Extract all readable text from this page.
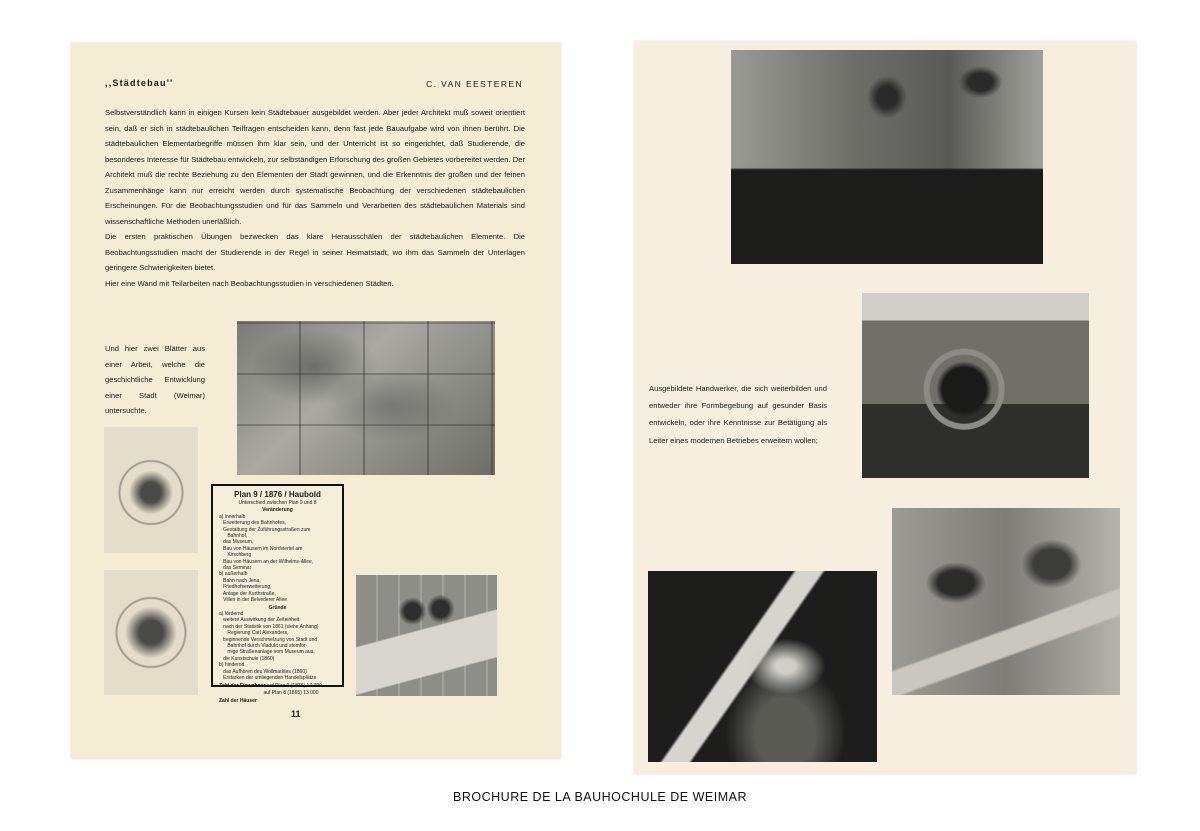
,,Städtebau''	C. VAN EESTEREN

Selbstverständlich kann in einigen Kursen kein Städtebauer ausgebildet werden. Aber jeder Architekt muß soweit orientiert sein, daß er sich in städtebaulichen Teilfragen entscheiden kann, denn fast jede Bauaufgabe wird von ihnen berührt. Die städtebaulichen Elementarbegriffe müssen ihm klar sein, und der Unterricht ist so eingerichtet, daß Studierende, die besonderes Interesse für Städtebau entwickeln, zur selbständigen Erforschung des großen Gebietes vorbereitet werden. Der Architekt muß die rechte Beziehung zu den Elementen der Stadt gewinnen, und die Erkenntnis der großen und der feinen Zusammenhänge kann nur erreicht werden durch systematische Beobachtung der verschiedenen städtebaulichen Erscheinungen. Für die Beobachtungsstudien und für das Sammeln und Verarbeiten des städtebaulichen Materials sind wissenschaftliche Methoden unerläßlich.

Die ersten praktischen Übungen bezwecken das klare Herausschälen der städtebaulichen Elemente. Die Beobachtungsstudien macht der Studierende in der Regel in seiner Heimatstadt, wo ihm das Sammeln der Unterlagen geringere Schwierigkeiten bietet.

Hier eine Wand mit Teilarbeiten nach Beobachtungsstudien in verschiedenen Städten.

Und hier zwei Blätter aus einer Arbeit, welche die geschichtliche Entwicklung einer Stadt (Weimar) untersuchte.
Plan 9 / 1876 / Haubold
Unterschied zwischen Plan 9 und 8
Veränderung
a) innerhalb
Erweiterung des Bahnhofes,
Gestaltung der Zuführungsstraßen zum
Bahnhof,
das Museum,
Bau von Häusern im Nordviertel am
Kirschberg
Bau von Häusern an der Wilhelms-Allee,
das Seminar
b) außerhalb
Bahn nach Jena,
Friedhofserweiterung,
Anlage der Kurthstraße,
Villen in der Belvederer Allee
Gründe
a) fördernd
weitere Auswirkung der Zeiteinheit
nach der Statistik von 1861 (siehe Anhang)
Regierung Carl Alexanders,
beginnende Verschmelzung von Stadt und
Bahnhof durch Viadukt und stemför-
mige Straßenanlage vom Museum aus,
die Kunstschule (1860)
b) hindernd
das Aufhören des Wollmarktes (1860)
Erstarken der umliegenden Handelsplätze
Zahl der Einwohner auf Plan 9 (1876) 17 700
auf Plan 8 (1865) 13 000
Zahl der Häuser
11
Ausgebildete Handwerker, die sich weiterbilden und entweder ihre Formbegebung auf gesunder Basis entwickeln, oder ihre Kenntnisse zur Betätigung als Leiter eines modernen Betriebes erweitern wollen;
BROCHURE DE LA BAUHOCHULE DE WEIMAR
